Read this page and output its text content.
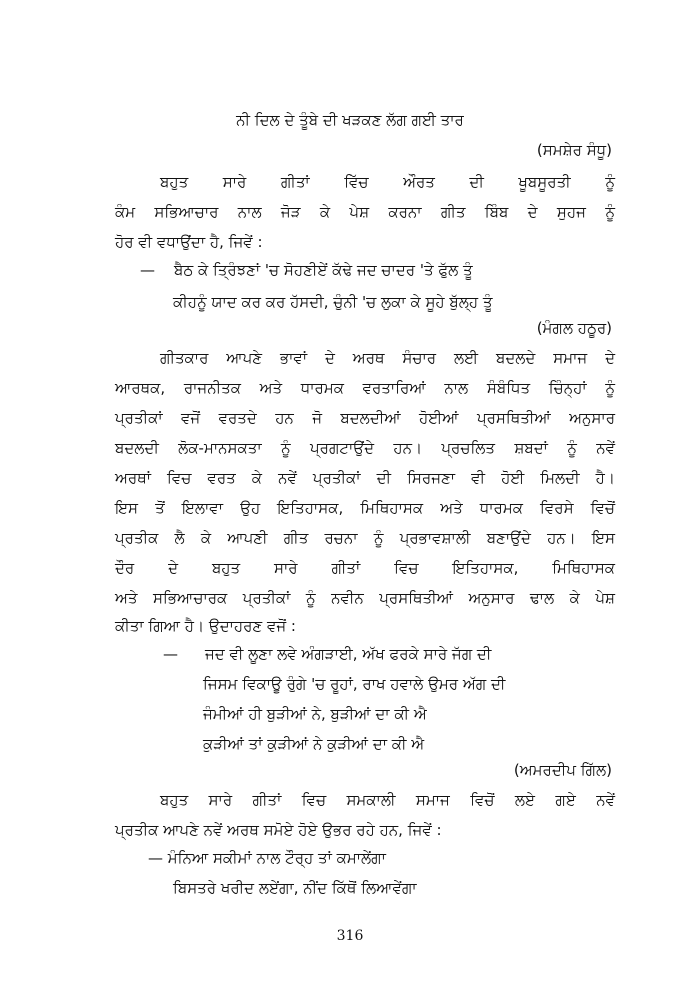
ਨੀ ਦਿਲ ਦੇ ਤੂੰਬੇ ਦੀ ਖੜਕਣ ਲੱਗ ਗਈ ਤਾਰ
(ਸਮਸ਼ੇਰ ਸੰਧੂ)
ਬਹੁਤ ਸਾਰੇ ਗੀਤਾਂ ਵਿੱਚ ਔਰਤ ਦੀ ਖੂਬਸੂਰਤੀ ਨੂੰ
ਕੰਮ ਸਭਿਆਚਾਰ ਨਾਲ ਜੋੜ ਕੇ ਪੇਸ਼ ਕਰਨਾ ਗੀਤ ਬਿੰਬ ਦੇ ਸੁਹਜ ਨੂੰ
ਹੋਰ ਵੀ ਵਧਾਉਂਦਾ ਹੈ, ਜਿਵੇਂ :
— ਬੈਠ ਕੇ ਤ੍ਰਿੰਝਣਾਂ 'ਚ ਸੋਹਣੀਏਂ ਕੱਢੇ ਜਦ ਚਾਦਰ 'ਤੇ ਫੁੱਲ ਤੂੰ
ਕੀਹਨੂੰ ਯਾਦ ਕਰ ਕਰ ਹੱਸਦੀ, ਚੁੰਨੀ 'ਚ ਲੁਕਾ ਕੇ ਸੂਹੇ ਬੁੱਲ੍ਹ ਤੂੰ
(ਮੰਗਲ ਹਠੂਰ)
ਗੀਤਕਾਰ ਆਪਣੇ ਭਾਵਾਂ ਦੇ ਅਰਥ ਸੰਚਾਰ ਲਈ ਬਦਲਦੇ ਸਮਾਜ ਦੇ
ਆਰਥਕ, ਰਾਜਨੀਤਕ ਅਤੇ ਧਾਰਮਕ ਵਰਤਾਰਿਆਂ ਨਾਲ ਸੰਬੰਧਿਤ ਚਿੰਨ੍ਹਾਂ ਨੂੰ
ਪ੍ਰਤੀਕਾਂ ਵਜੋਂ ਵਰਤਦੇ ਹਨ ਜੋ ਬਦਲਦੀਆਂ ਹੋਈਆਂ ਪ੍ਰਸਥਿਤੀਆਂ ਅਨੁਸਾਰ
ਬਦਲਦੀ ਲੋਕ-ਮਾਨਸਕਤਾ ਨੂੰ ਪ੍ਰਗਟਾਉਂਦੇ ਹਨ। ਪ੍ਰਚਲਿਤ ਸ਼ਬਦਾਂ ਨੂੰ ਨਵੇਂ
ਅਰਥਾਂ ਵਿਚ ਵਰਤ ਕੇ ਨਵੇਂ ਪ੍ਰਤੀਕਾਂ ਦੀ ਸਿਰਜਣਾ ਵੀ ਹੋਈ ਮਿਲਦੀ ਹੈ।
ਇਸ ਤੋਂ ਇਲਾਵਾ ਉਹ ਇਤਿਹਾਸਕ, ਮਿਥਿਹਾਸਕ ਅਤੇ ਧਾਰਮਕ ਵਿਰਸੇ ਵਿਚੋਂ
ਪ੍ਰਤੀਕ ਲੈ ਕੇ ਆਪਣੀ ਗੀਤ ਰਚਨਾ ਨੂੰ ਪ੍ਰਭਾਵਸ਼ਾਲੀ ਬਣਾਉਂਦੇ ਹਨ। ਇਸ
ਦੌਰ ਦੇ ਬਹੁਤ ਸਾਰੇ ਗੀਤਾਂ ਵਿਚ ਇਤਿਹਾਸਕ, ਮਿਥਿਹਾਸਕ
ਅਤੇ ਸਭਿਆਚਾਰਕ ਪ੍ਰਤੀਕਾਂ ਨੂੰ ਨਵੀਨ ਪ੍ਰਸਥਿਤੀਆਂ ਅਨੁਸਾਰ ਢਾਲ ਕੇ ਪੇਸ਼
ਕੀਤਾ ਗਿਆ ਹੈ। ਉਦਾਹਰਣ ਵਜੋਂ :
— ਜਦ ਵੀ ਲੂਣਾ ਲਵੇ ਅੰਗੜਾਈ, ਅੱਖ ਫਰਕੇ ਸਾਰੇ ਜੱਗ ਦੀ
ਜਿਸਮ ਵਿਕਾਊ ਰੁੰਗੇ 'ਚ ਰੂਹਾਂ, ਰਾਖ ਹਵਾਲੇ ਉਮਰ ਅੱਗ ਦੀ
ਜੰਮੀਆਂ ਹੀ ਬੁੜੀਆਂ ਨੇ, ਬੁੜੀਆਂ ਦਾ ਕੀ ਐ
ਕੁੜੀਆਂ ਤਾਂ ਕੁੜੀਆਂ ਨੇ ਕੁੜੀਆਂ ਦਾ ਕੀ ਐ
(ਅਮਰਦੀਪ ਗਿੱਲ)
ਬਹੁਤ ਸਾਰੇ ਗੀਤਾਂ ਵਿਚ ਸਮਕਾਲੀ ਸਮਾਜ ਵਿਚੋਂ ਲਏ ਗਏ ਨਵੇਂ
ਪ੍ਰਤੀਕ ਆਪਣੇ ਨਵੇਂ ਅਰਥ ਸਮੋਏ ਹੋਏ ਉਭਰ ਰਹੇ ਹਨ, ਜਿਵੇਂ :
— ਮੰਨਿਆ ਸਕੀਮਾਂ ਨਾਲ ਟੌਰ੍ਹ ਤਾਂ ਕਮਾਲੇਂਗਾ
ਬਿਸਤਰੇ ਖਰੀਦ ਲਏਂਗਾ, ਨੀਂਦ ਕਿੱਥੋਂ ਲਿਆਵੇਂਗਾ
316
